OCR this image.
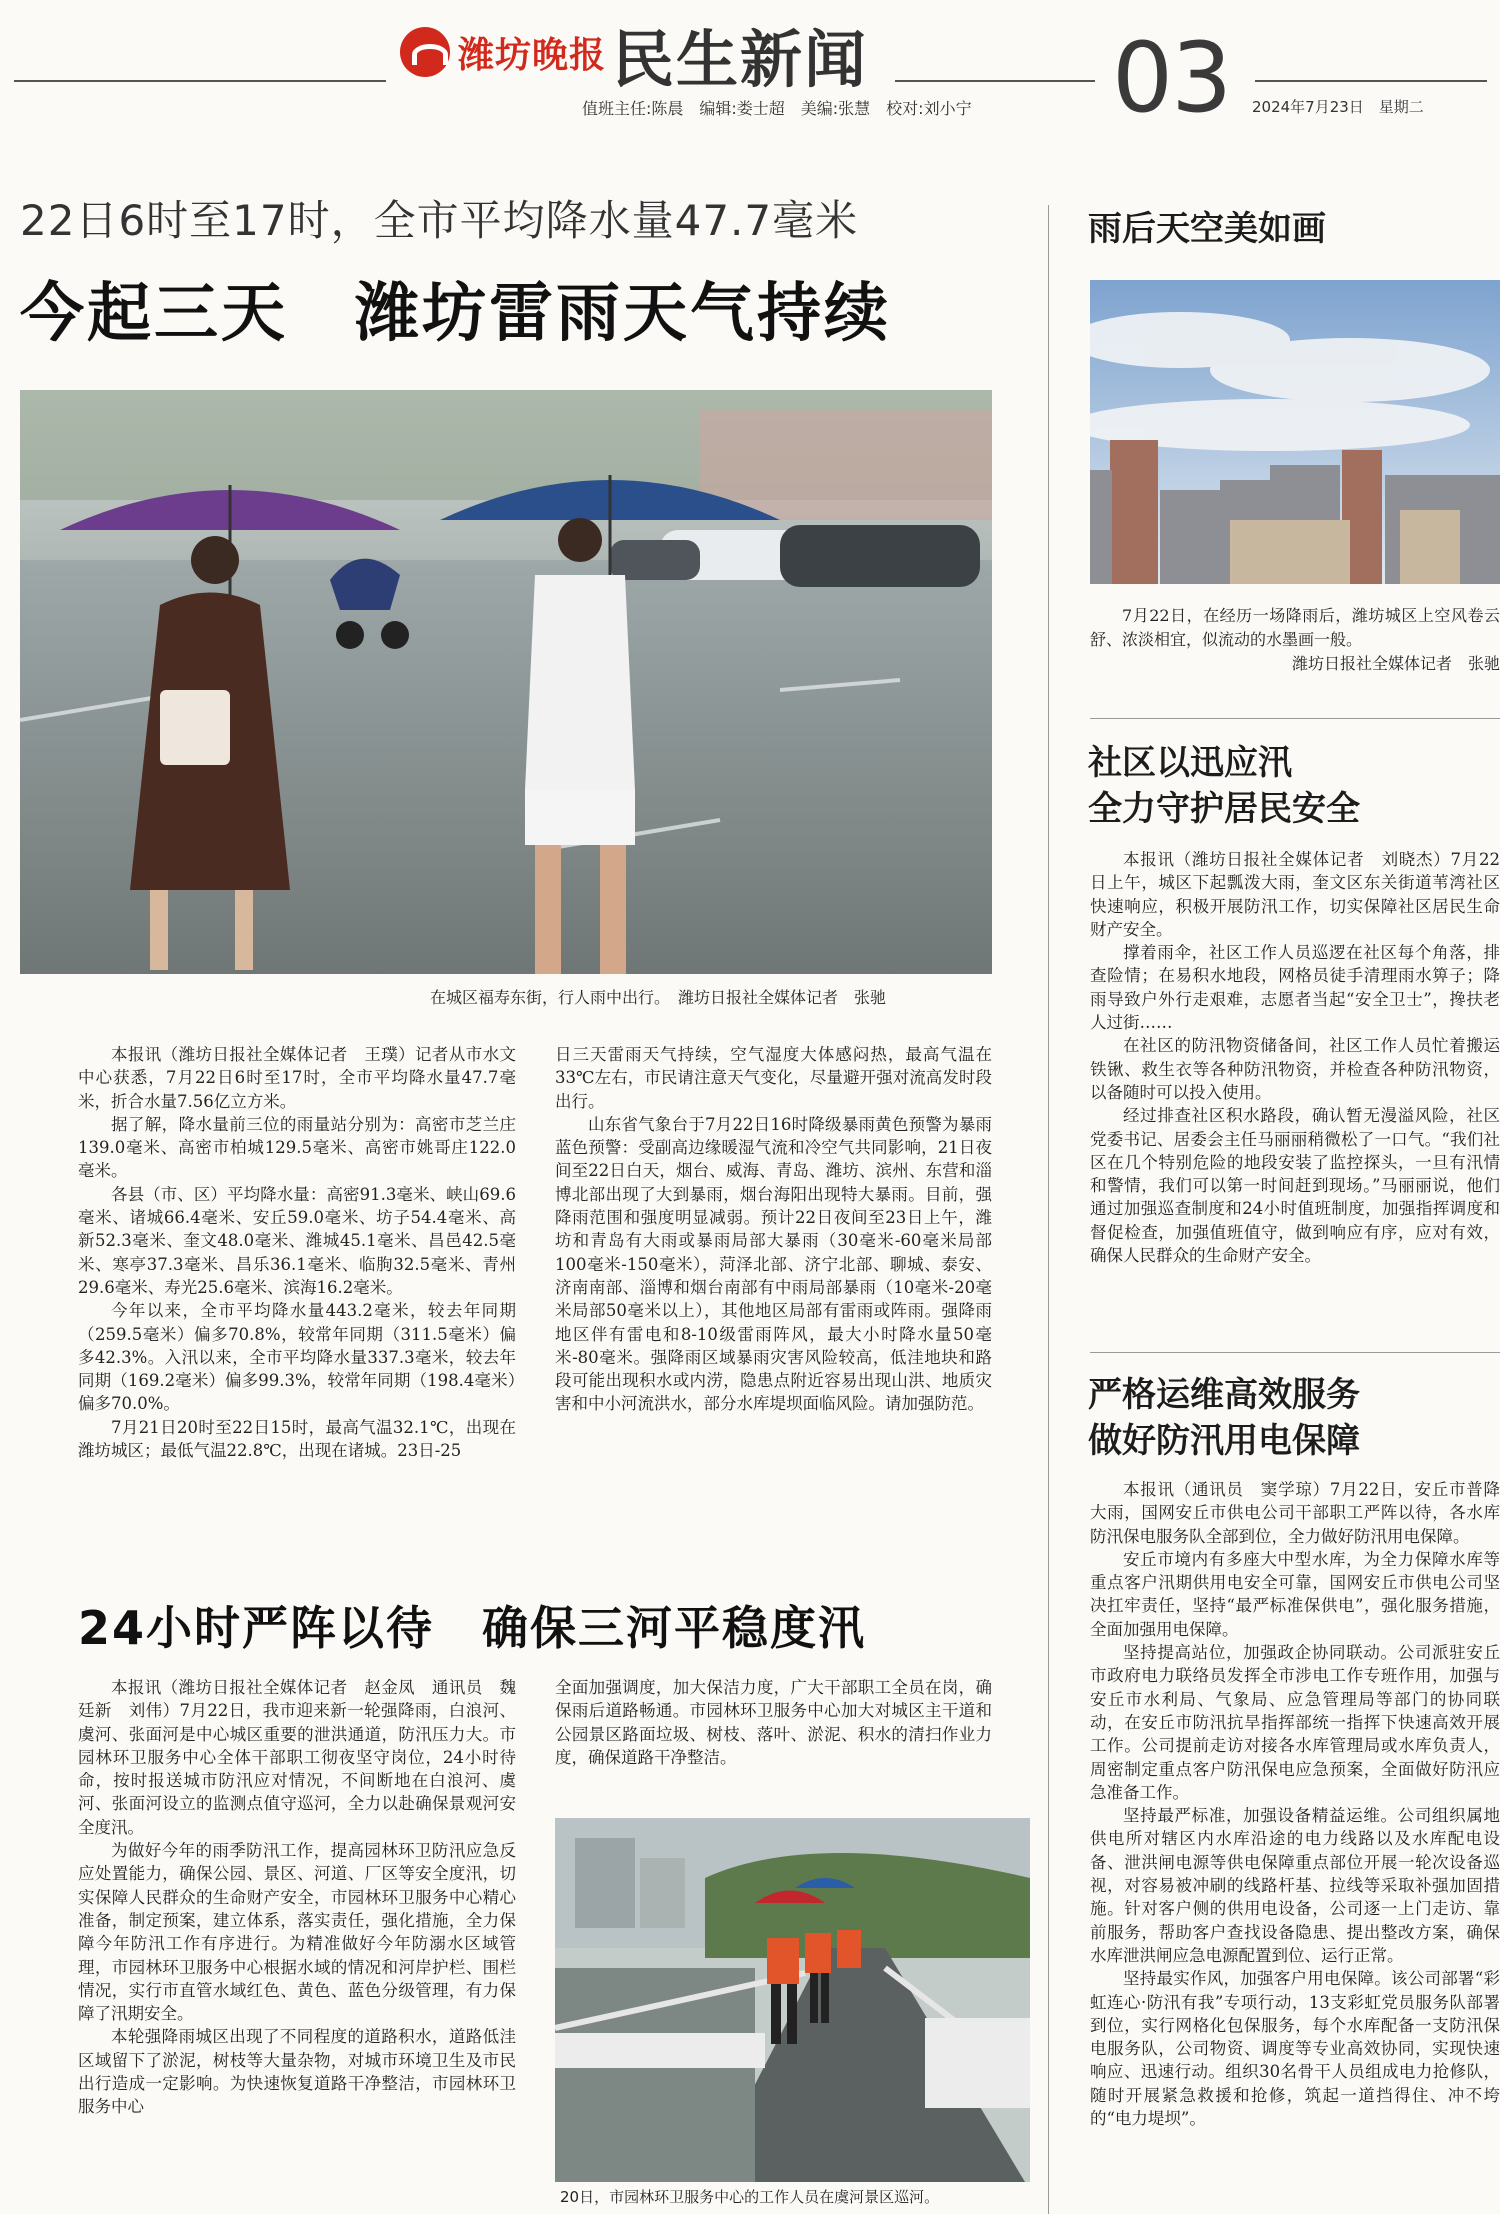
潍坊晚报 民生新闻	03
值班主任:陈晨　编辑:娄士超　美编:张慧　校对:刘小宁	2024年7月23日　星期二
22日6时至17时，全市平均降水量47.7毫米
今起三天　潍坊雷雨天气持续
在城区福寿东街，行人雨中出行。　潍坊日报社全媒体记者　张驰

本报讯（潍坊日报社全媒体记者　王璞）记者从市水文中心获悉，7月22日6时至17时，全市平均降水量47.7毫米，折合水量7.56亿立方米。

据了解，降水量前三位的雨量站分别为：高密市芝兰庄139.0毫米、高密市柏城129.5毫米、高密市姚哥庄122.0毫米。

各县（市、区）平均降水量：高密91.3毫米、峡山69.6毫米、诸城66.4毫米、安丘59.0毫米、坊子54.4毫米、高新52.3毫米、奎文48.0毫米、潍城45.1毫米、昌邑42.5毫米、寒亭37.3毫米、昌乐36.1毫米、临朐32.5毫米、青州29.6毫米、寿光25.6毫米、滨海16.2毫米。

今年以来，全市平均降水量443.2毫米，较去年同期（259.5毫米）偏多70.8%，较常年同期（311.5毫米）偏多42.3%。入汛以来，全市平均降水量337.3毫米，较去年同期（169.2毫米）偏多99.3%，较常年同期（198.4毫米）偏多70.0%。

7月21日20时至22日15时，最高气温32.1℃，出现在潍坊城区；最低气温22.8℃，出现在诸城。23日-25

日三天雷雨天气持续，空气湿度大体感闷热，最高气温在33℃左右，市民请注意天气变化，尽量避开强对流高发时段出行。

山东省气象台于7月22日16时降级暴雨黄色预警为暴雨蓝色预警：受副高边缘暖湿气流和冷空气共同影响，21日夜间至22日白天，烟台、威海、青岛、潍坊、滨州、东营和淄博北部出现了大到暴雨，烟台海阳出现特大暴雨。目前，强降雨范围和强度明显减弱。预计22日夜间至23日上午，潍坊和青岛有大雨或暴雨局部大暴雨（30毫米-60毫米局部100毫米-150毫米），菏泽北部、济宁北部、聊城、泰安、济南南部、淄博和烟台南部有中雨局部暴雨（10毫米-20毫米局部50毫米以上），其他地区局部有雷雨或阵雨。强降雨地区伴有雷电和8-10级雷雨阵风，最大小时降水量50毫米-80毫米。强降雨区域暴雨灾害风险较高，低洼地块和路段可能出现积水或内涝，隐患点附近容易出现山洪、地质灾害和中小河流洪水，部分水库堤坝面临风险。请加强防范。

24小时严阵以待　确保三河平稳度汛

本报讯（潍坊日报社全媒体记者　赵金凤　通讯员　魏廷新　刘伟）7月22日，我市迎来新一轮强降雨，白浪河、虞河、张面河是中心城区重要的泄洪通道，防汛压力大。市园林环卫服务中心全体干部职工彻夜坚守岗位，24小时待命，按时报送城市防汛应对情况，不间断地在白浪河、虞河、张面河设立的监测点值守巡河，全力以赴确保景观河安全度汛。

为做好今年的雨季防汛工作，提高园林环卫防汛应急反应处置能力，确保公园、景区、河道、厂区等安全度汛，切实保障人民群众的生命财产安全，市园林环卫服务中心精心准备，制定预案，建立体系，落实责任，强化措施，全力保障今年防汛工作有序进行。为精准做好今年防溺水区域管理，市园林环卫服务中心根据水域的情况和河岸护栏、围栏情况，实行市直管水域红色、黄色、蓝色分级管理，有力保障了汛期安全。

本轮强降雨城区出现了不同程度的道路积水，道路低洼区域留下了淤泥，树枝等大量杂物，对城市环境卫生及市民出行造成一定影响。为快速恢复道路干净整洁，市园林环卫服务中心

全面加强调度，加大保洁力度，广大干部职工全员在岗，确保雨后道路畅通。市园林环卫服务中心加大对城区主干道和公园景区路面垃圾、树枝、落叶、淤泥、积水的清扫作业力度，确保道路干净整洁。

20日，市园林环卫服务中心的工作人员在虞河景区巡河。
雨后天空美如画

7月22日，在经历一场降雨后，潍坊城区上空风卷云舒、浓淡相宜，似流动的水墨画一般。

潍坊日报社全媒体记者　张驰

社区以迅应汛
全力守护居民安全

本报讯（潍坊日报社全媒体记者　刘晓杰）7月22日上午，城区下起瓢泼大雨，奎文区东关街道苇湾社区快速响应，积极开展防汛工作，切实保障社区居民生命财产安全。

撑着雨伞，社区工作人员巡逻在社区每个角落，排查险情；在易积水地段，网格员徒手清理雨水箅子；降雨导致户外行走艰难，志愿者当起“安全卫士”，搀扶老人过街……

在社区的防汛物资储备间，社区工作人员忙着搬运铁锹、救生衣等各种防汛物资，并检查各种防汛物资，以备随时可以投入使用。

经过排查社区积水路段，确认暂无漫溢风险，社区党委书记、居委会主任马丽丽稍微松了一口气。“我们社区在几个特别危险的地段安装了监控探头，一旦有汛情和警情，我们可以第一时间赶到现场。”马丽丽说，他们通过加强巡查制度和24小时值班制度，加强指挥调度和督促检查，加强值班值守，做到响应有序，应对有效，确保人民群众的生命财产安全。

严格运维高效服务
做好防汛用电保障

本报讯（通讯员　窦学琼）7月22日，安丘市普降大雨，国网安丘市供电公司干部职工严阵以待，各水库防汛保电服务队全部到位，全力做好防汛用电保障。

安丘市境内有多座大中型水库，为全力保障水库等重点客户汛期供用电安全可靠，国网安丘市供电公司坚决扛牢责任，坚持“最严标准保供电”，强化服务措施，全面加强用电保障。

坚持提高站位，加强政企协同联动。公司派驻安丘市政府电力联络员发挥全市涉电工作专班作用，加强与安丘市水利局、气象局、应急管理局等部门的协同联动，在安丘市防汛抗旱指挥部统一指挥下快速高效开展工作。公司提前走访对接各水库管理局或水库负责人，周密制定重点客户防汛保电应急预案，全面做好防汛应急准备工作。

坚持最严标准，加强设备精益运维。公司组织属地供电所对辖区内水库沿途的电力线路以及水库配电设备、泄洪闸电源等供电保障重点部位开展一轮次设备巡视，对容易被冲刷的线路杆基、拉线等采取补强加固措施。针对客户侧的供用电设备，公司逐一上门走访、靠前服务，帮助客户查找设备隐患、提出整改方案，确保水库泄洪闸应急电源配置到位、运行正常。

坚持最实作风，加强客户用电保障。该公司部署“彩虹连心·防汛有我”专项行动，13支彩虹党员服务队部署到位，实行网格化包保服务，每个水库配备一支防汛保电服务队，公司物资、调度等专业高效协同，实现快速响应、迅速行动。组织30名骨干人员组成电力抢修队，随时开展紧急救援和抢修，筑起一道挡得住、冲不垮的“电力堤坝”。
